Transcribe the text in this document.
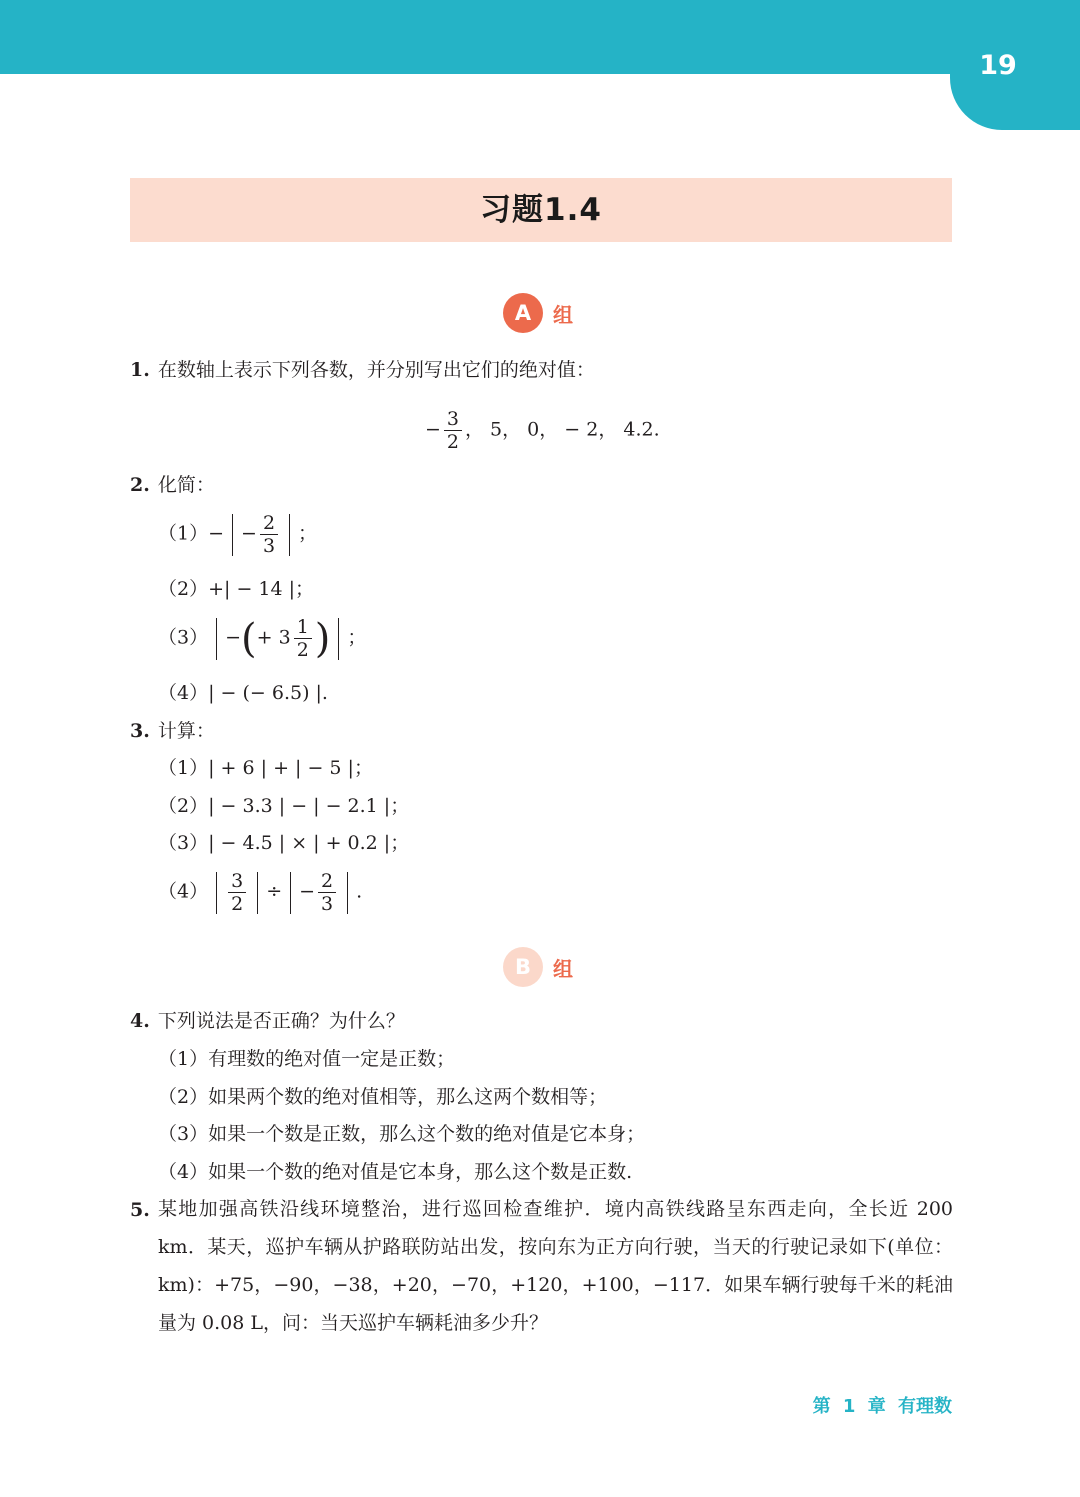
19
习题1.4
A	组
1. 在数轴上表示下列各数，并分别写出它们的绝对值：
− $\frac{3}{2}$ ， 5， 0， − 2， 4.2.
2. 化简：
$(1)- - \frac{2}{3}$ ；
（2）+| − 14 |；
（3） −(+ $3 \frac{1}{2}$ ) ；
（4）| − (− 6.5) |.
3. 计算：
（1）| + 6 | + | − 5 |；
（2）| − 3.3 | − | − 2.1 |；
（3）| − 4.5 | × | + 0.2 |；
$(4) \frac{3}{2}$ ÷ − $\frac{2}{3}$ .
B	组
4. 下列说法是否正确？为什么？
（1）有理数的绝对值一定是正数；
（2）如果两个数的绝对值相等，那么这两个数相等；
（3）如果一个数是正数，那么这个数的绝对值是它本身；
（4）如果一个数的绝对值是它本身，那么这个数是正数.
5. 某地加强高铁沿线环境整治，进行巡回检查维护．境内高铁线路呈东西走向，全长近 200 km．某天，巡护车辆从护路联防站出发，按向东为正方向行驶，当天的行驶记录如下(单位：km)：+75，−90，−38，+20，−70，+120，+100，−117．如果车辆行驶每千米的耗油量为 0.08 L，问：当天巡护车辆耗油多少升？
第 1 章 有理数
